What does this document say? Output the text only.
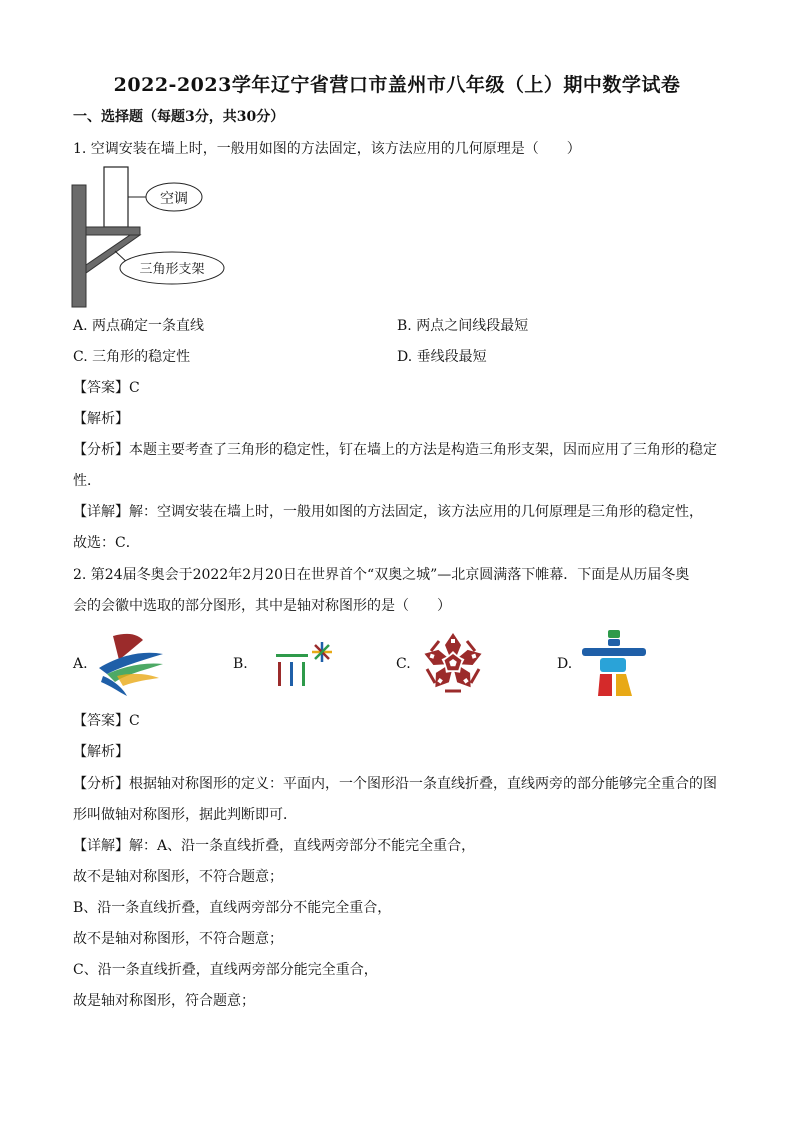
2022-2023学年辽宁省营口市盖州市八年级（上）期中数学试卷
一、选择题（每题3分，共30分）
1. 空调安装在墙上时，一般用如图的方法固定，该方法应用的几何原理是（　　）
空调
三角形支架
A. 两点确定一条直线	B. 两点之间线段最短
C. 三角形的稳定性	D. 垂线段最短
【答案】C
【解析】
【分析】本题主要考查了三角形的稳定性，钉在墙上的方法是构造三角形支架，因而应用了三角形的稳定
性．
【详解】解：空调安装在墙上时，一般用如图的方法固定，该方法应用的几何原理是三角形的稳定性，
故选：C．
2. 第24届冬奥会于2022年2月20日在世界首个“双奥之城”—北京圆满落下帷幕．下面是从历届冬奥
会的会徽中选取的部分图形，其中是轴对称图形的是（　　）
A.	B.	C.	D.
【答案】C
【解析】
【分析】根据轴对称图形的定义：平面内，一个图形沿一条直线折叠，直线两旁的部分能够完全重合的图
形叫做轴对称图形，据此判断即可．
【详解】解：A、沿一条直线折叠，直线两旁部分不能完全重合，
故不是轴对称图形，不符合题意；
B、沿一条直线折叠，直线两旁部分不能完全重合，
故不是轴对称图形，不符合题意；
C、沿一条直线折叠，直线两旁部分能完全重合，
故是轴对称图形，符合题意；
